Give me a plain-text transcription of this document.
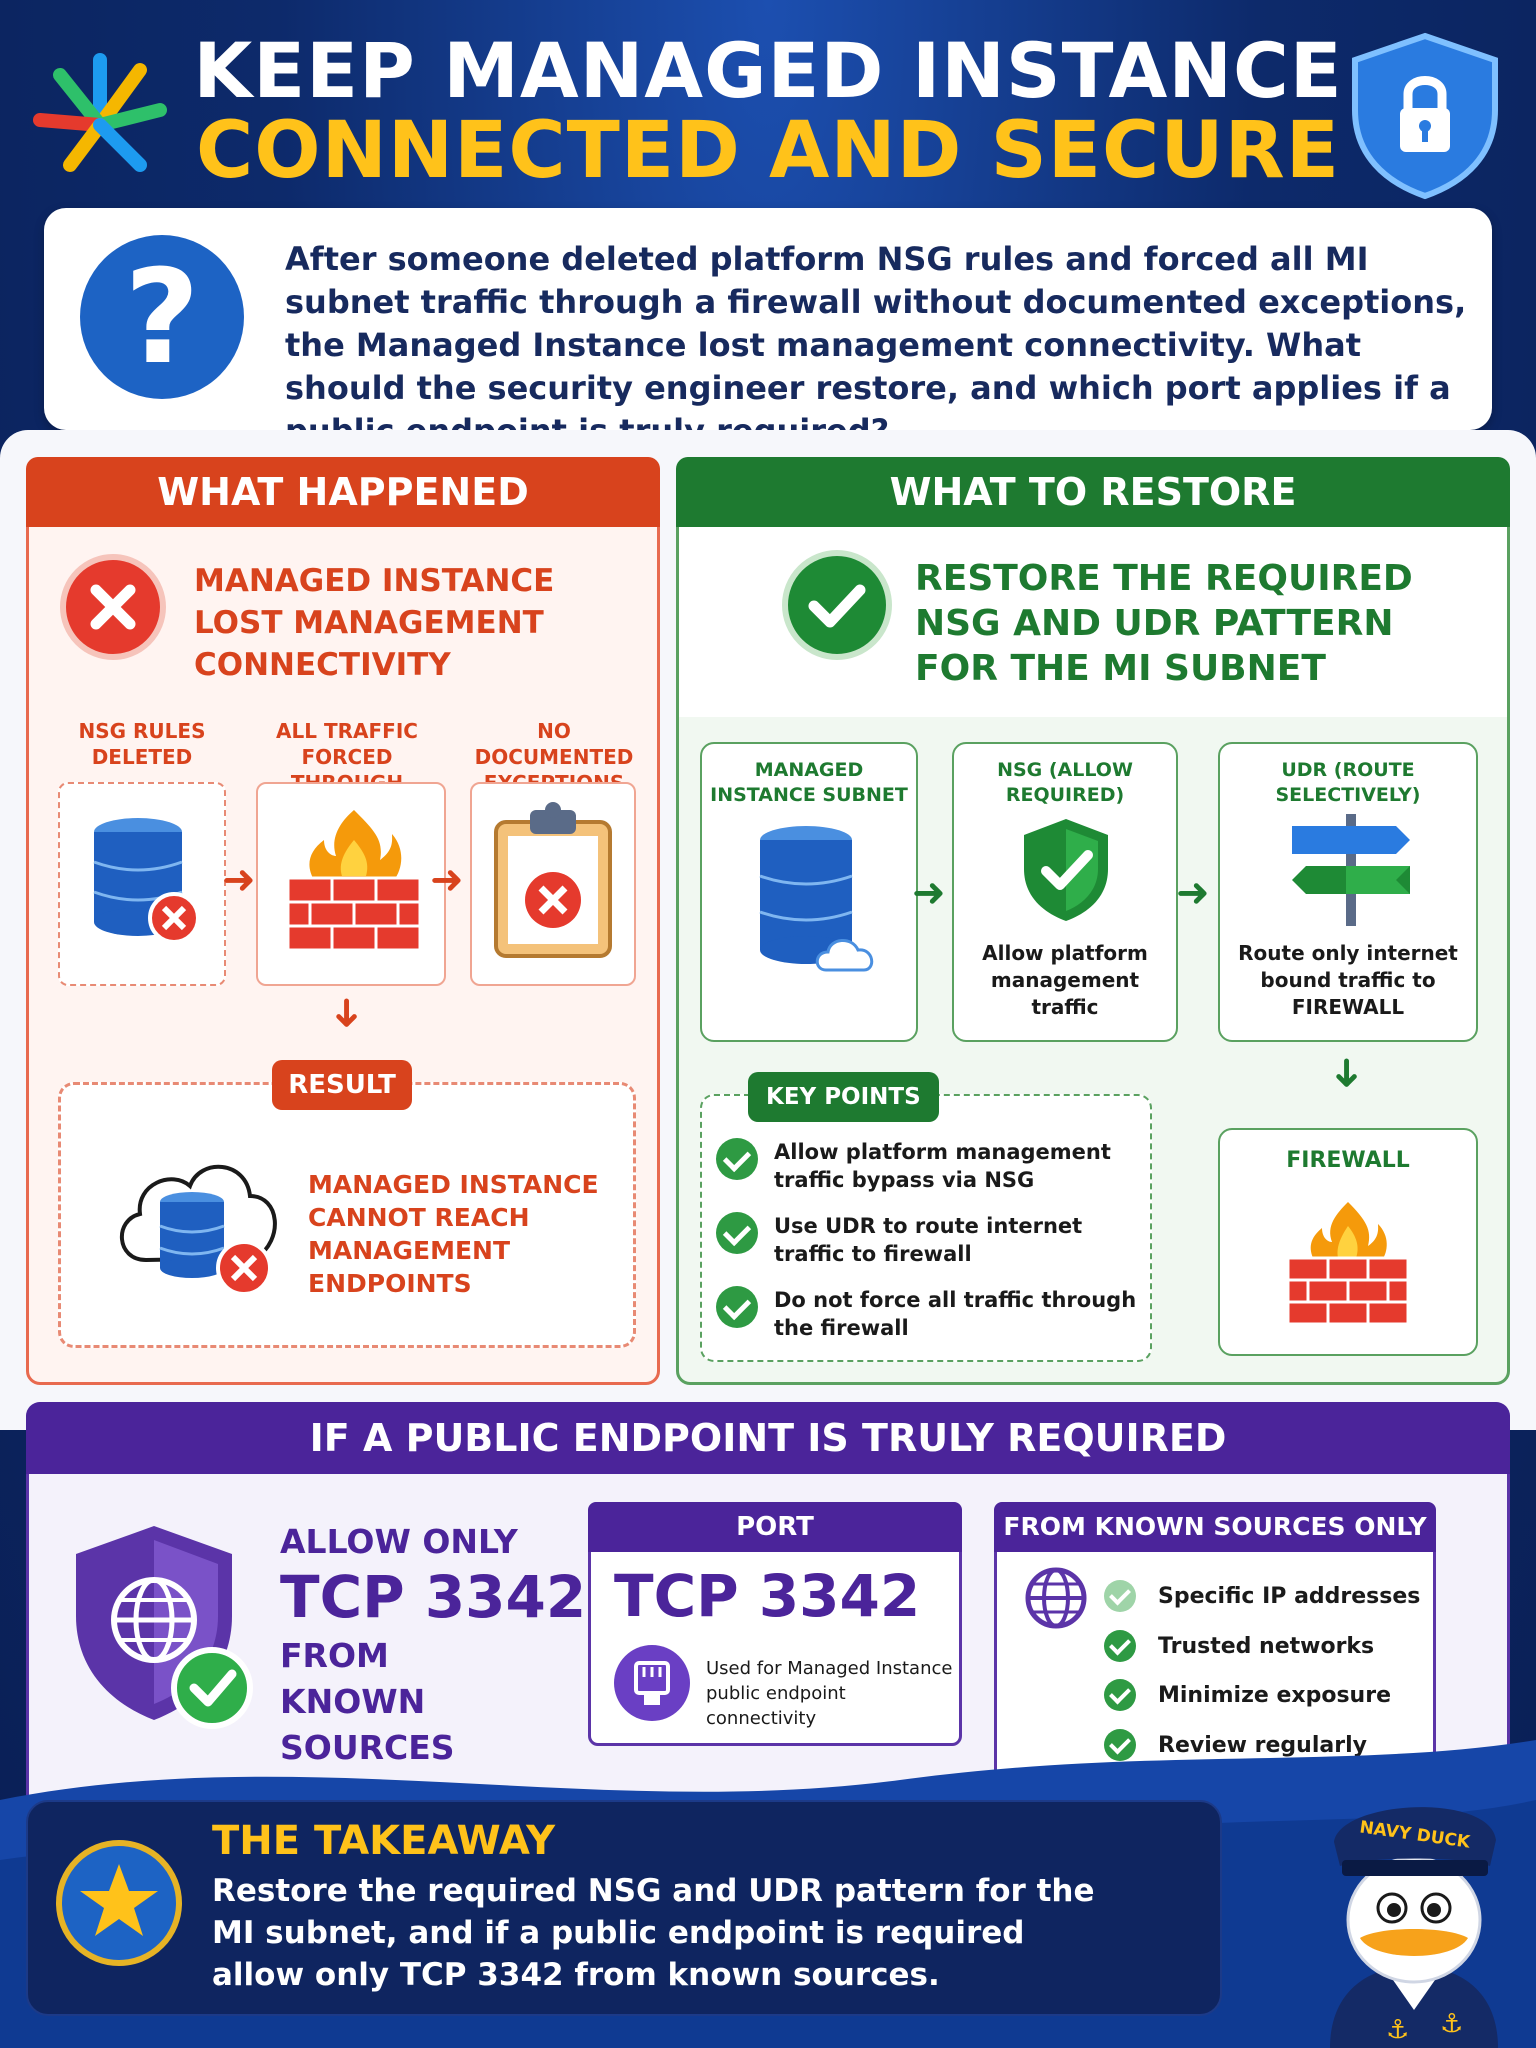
KEEP MANAGED INSTANCE
CONNECTED AND SECURE
?	After someone deleted platform NSG rules and forced all MI subnet traffic through a firewall without documented exceptions, the Managed Instance lost management connectivity. What should the security engineer restore, and which port applies if a
WHAT HAPPENED
MANAGED INSTANCE LOST MANAGEMENT CONNECTIVITY
NSG RULES DELETED
ALL TRAFFIC FORCED
NO DOCUMENTED
➜	➜
➜
RESULT
MANAGED INSTANCE CANNOT REACH MANAGEMENT ENDPOINTS
WHAT TO RESTORE
RESTORE THE REQUIRED NSG AND UDR PATTERN FOR THE MI SUBNET
MANAGED INSTANCE SUBNET
NSG (ALLOW REQUIRED)
UDR (ROUTE SELECTIVELY)
➜
Allow platform management traffic
➜
Route only internet bound traffic to FIREWALL
➜
FIREWALL
KEY POINTS
Allow platform management traffic bypass via NSG
Use UDR to route internet traffic to firewall
Do not force all traffic through the firewall
IF A PUBLIC ENDPOINT IS TRULY REQUIRED
ALLOW ONLY
TCP 3342
FROM KNOWN SOURCES
PORT
TCP 3342
Used for Managed Instance public endpoint connectivity
FROM KNOWN SOURCES ONLY
Specific IP addresses
Trusted networks
Minimize exposure
Review regularly
THE TAKEAWAY
Restore the required NSG and UDR pattern for the MI subnet, and if a public endpoint is required allow only TCP 3342 from known sources.
⚓ ⚓
NAVY DUCK
